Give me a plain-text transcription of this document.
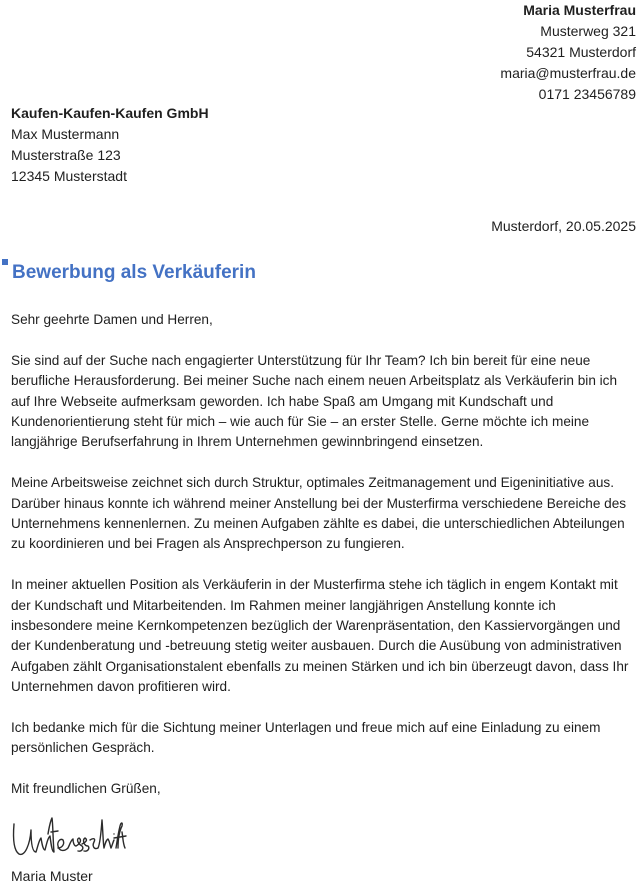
Maria Musterfrau
Musterweg 321
54321 Musterdorf
maria@musterfrau.de
0171 23456789
Kaufen-Kaufen-Kaufen GmbH
Max Mustermann
Musterstraße 123
12345 Musterstadt
Musterdorf, 20.05.2025
Bewerbung als Verkäuferin

Sehr geehrte Damen und Herren,

Sie sind auf der Suche nach engagierter Unterstützung für Ihr Team? Ich bin bereit für eine neue berufliche Herausforderung. Bei meiner Suche nach einem neuen Arbeitsplatz als Verkäuferin bin ich auf Ihre Webseite aufmerksam geworden. Ich habe Spaß am Umgang mit Kundschaft und Kundenorientierung steht für mich – wie auch für Sie – an erster Stelle. Gerne möchte ich meine langjährige Berufserfahrung in Ihrem Unternehmen gewinnbringend einsetzen.

Meine Arbeitsweise zeichnet sich durch Struktur, optimales Zeitmanagement und Eigeninitiative aus. Darüber hinaus konnte ich während meiner Anstellung bei der Musterfirma verschiedene Bereiche des Unternehmens kennenlernen. Zu meinen Aufgaben zählte es dabei, die unterschiedlichen Abteilungen zu koordinieren und bei Fragen als Ansprechperson zu fungieren.

In meiner aktuellen Position als Verkäuferin in der Musterfirma stehe ich täglich in engem Kontakt mit der Kundschaft und Mitarbeitenden. Im Rahmen meiner langjährigen Anstellung konnte ich insbesondere meine Kernkompetenzen bezüglich der Warenpräsentation, den Kassiervorgängen und der Kundenberatung und -betreuung stetig weiter ausbauen. Durch die Ausübung von administrativen Aufgaben zählt Organisationstalent ebenfalls zu meinen Stärken und ich bin überzeugt davon, dass Ihr Unternehmen davon profitieren wird.

Ich bedanke mich für die Sichtung meiner Unterlagen und freue mich auf eine Einladung zu einem persönlichen Gespräch.

Mit freundlichen Grüßen,

Maria Muster
